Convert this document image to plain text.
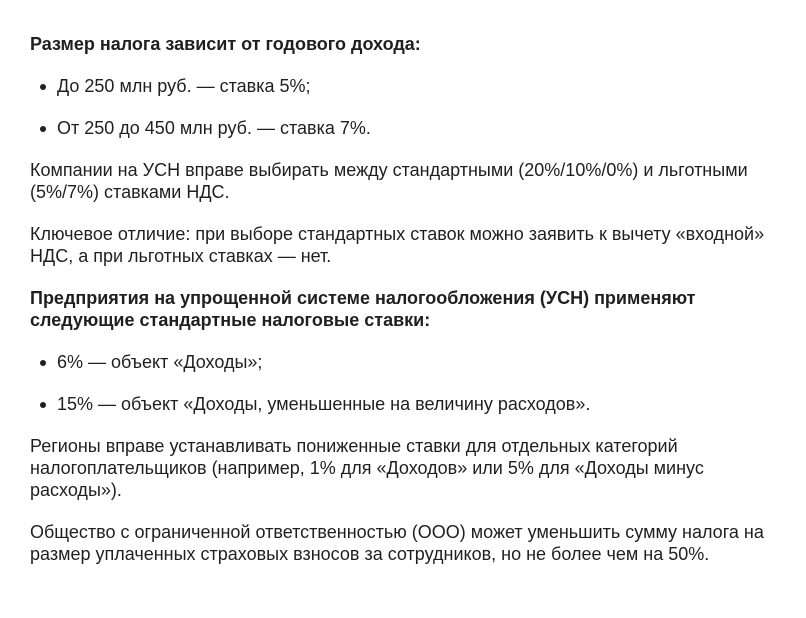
Размер налога зависит от годового дохода:
До 250 млн руб. — ставка 5%;
От 250 до 450 млн руб. — ставка 7%.
Компании на УСН вправе выбирать между стандартными (20%/10%/0%) и льготными (5%/7%) ставками НДС.
Ключевое отличие: при выборе стандартных ставок можно заявить к вычету «входной» НДС, а при льготных ставках — нет.
Предприятия на упрощенной системе налогообложения (УСН) применяют следующие стандартные налоговые ставки:
6% — объект «Доходы»;
15% — объект «Доходы, уменьшенные на величину расходов».
Регионы вправе устанавливать пониженные ставки для отдельных категорий налогоплательщиков (например, 1% для «Доходов» или 5% для «Доходы минус расходы»).
Общество с ограниченной ответственностью (ООО) может уменьшить сумму налога на размер уплаченных страховых взносов за сотрудников, но не более чем на 50%.
